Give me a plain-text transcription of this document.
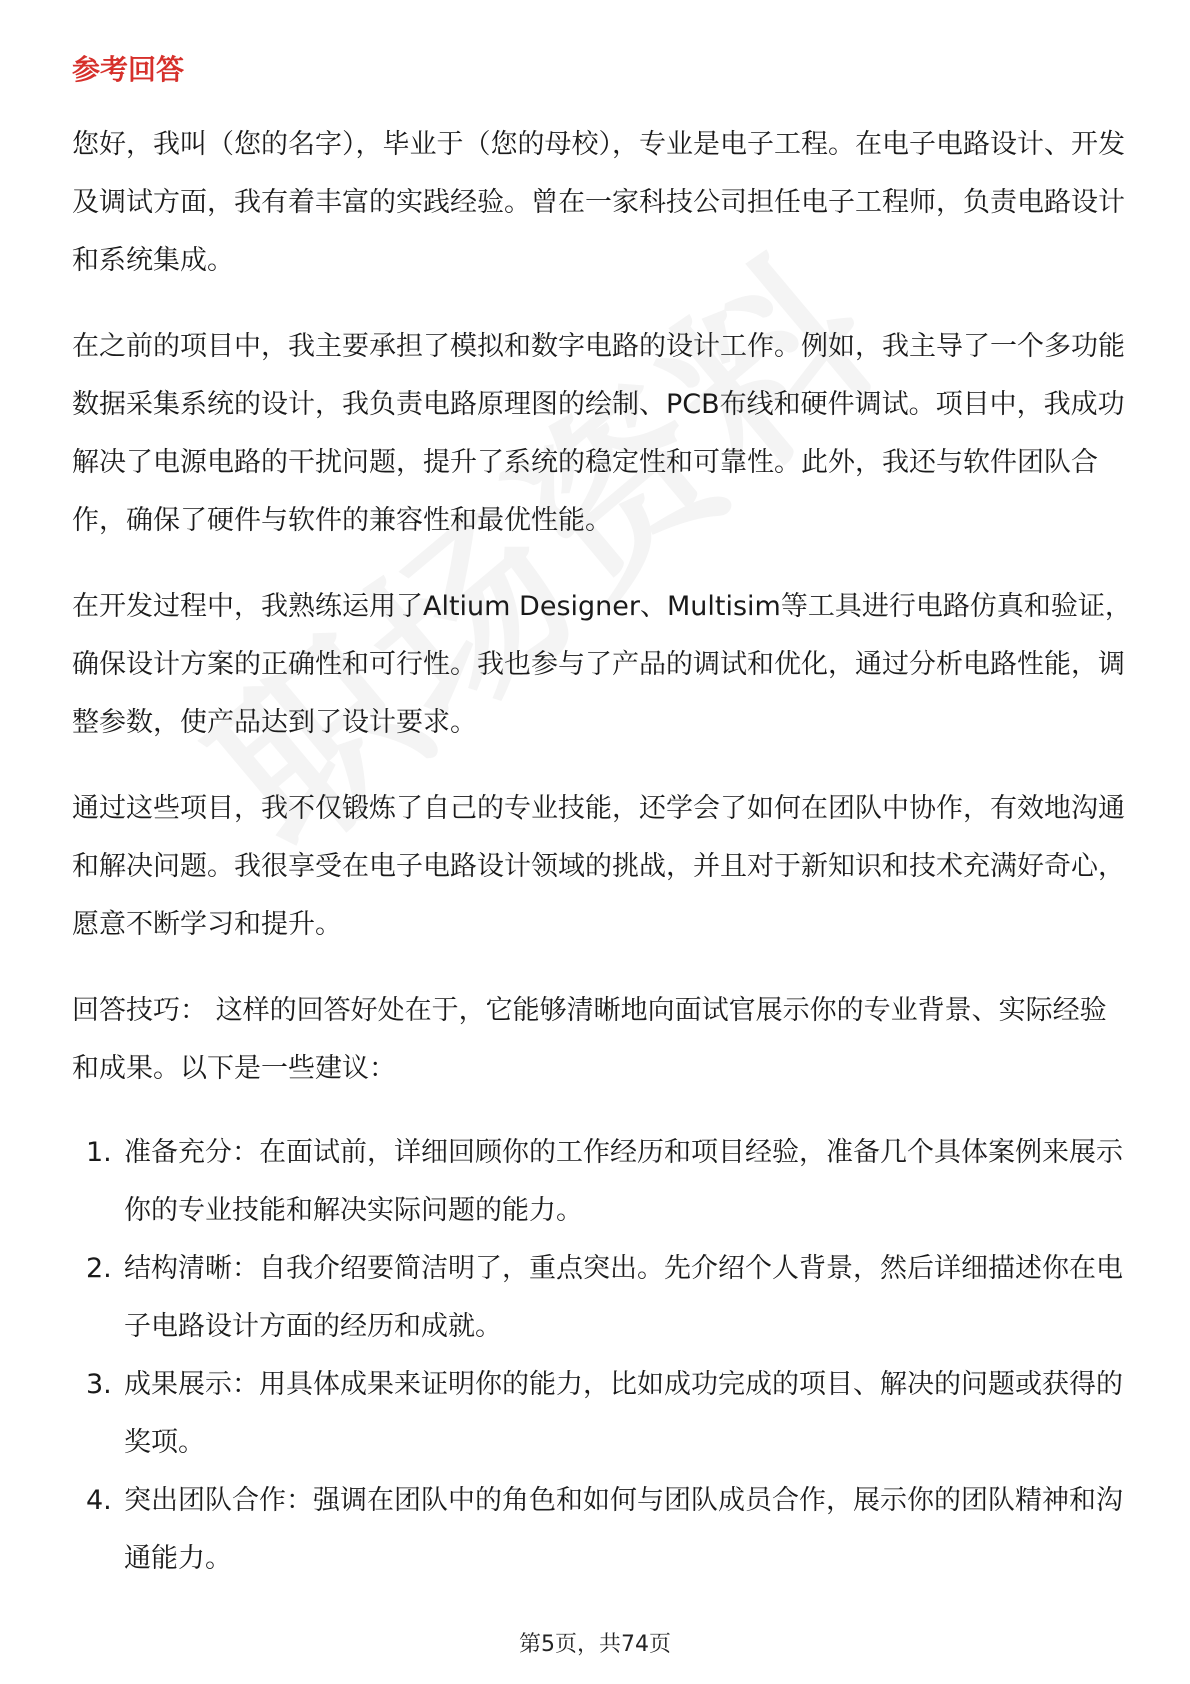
参考回答

您好，我叫（您的名字），毕业于（您的母校），专业是电子工程。在电子电路设计、开发及调试方面，我有着丰富的实践经验。曾在一家科技公司担任电子工程师，负责电路设计和系统集成。

在之前的项目中，我主要承担了模拟和数字电路的设计工作。例如，我主导了一个多功能数据采集系统的设计，我负责电路原理图的绘制、PCB布线和硬件调试。项目中，我成功解决了电源电路的干扰问题，提升了系统的稳定性和可靠性。此外，我还与软件团队合作，确保了硬件与软件的兼容性和最优性能。

在开发过程中，我熟练运用了Altium Designer、Multisim等工具进行电路仿真和验证，确保设计方案的正确性和可行性。我也参与了产品的调试和优化，通过分析电路性能，调整参数，使产品达到了设计要求。

通过这些项目，我不仅锻炼了自己的专业技能，还学会了如何在团队中协作，有效地沟通和解决问题。我很享受在电子电路设计领域的挑战，并且对于新知识和技术充满好奇心，愿意不断学习和提升。

回答技巧： 这样的回答好处在于，它能够清晰地向面试官展示你的专业背景、实际经验和成果。以下是一些建议：

1. 准备充分：在面试前，详细回顾你的工作经历和项目经验，准备几个具体案例来展示你的专业技能和解决实际问题的能力。
2. 结构清晰：自我介绍要简洁明了，重点突出。先介绍个人背景，然后详细描述你在电子电路设计方面的经历和成就。
3. 成果展示：用具体成果来证明你的能力，比如成功完成的项目、解决的问题或获得的奖项。
4. 突出团队合作：强调在团队中的角色和如何与团队成员合作，展示你的团队精神和沟通能力。
第5页，共74页
